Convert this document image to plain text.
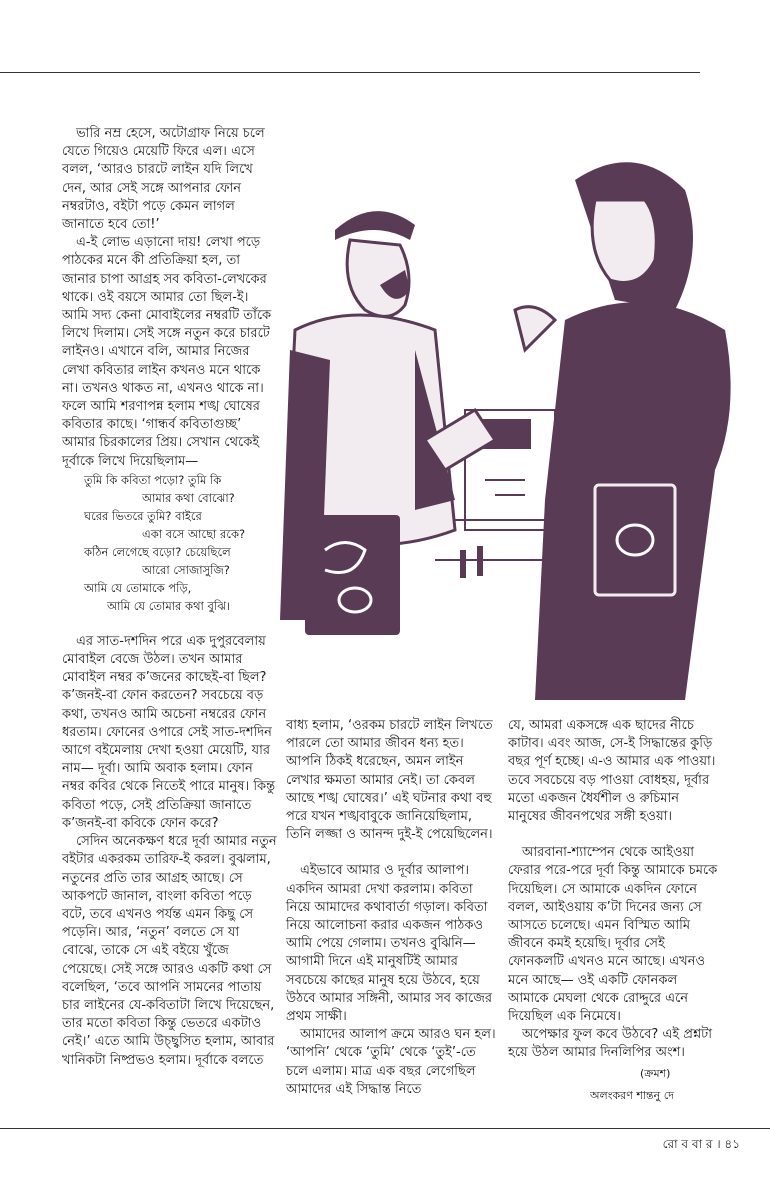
ভারি নম্র হেসে, অটোগ্রাফ নিয়ে চলে যেতে গিয়েও মেয়েটি ফিরে এল। এসে বলল, ‘আরও চারটে লাইন যদি লিখে দেন, আর সেই সঙ্গে আপনার ফোন নম্বরটাও, বইটা পড়ে কেমন লাগল জানাতে হবে তো!’

এ-ই লোভ এড়ানো দায়! লেখা পড়ে পাঠকের মনে কী প্রতিক্রিয়া হল, তা জানার চাপা আগ্রহ সব কবিতা-লেখকের থাকে। ওই বয়সে আমার তো ছিল-ই। আমি সদ্য কেনা মোবাইলের নম্বরটি তাঁকে লিখে দিলাম। সেই সঙ্গে নতুন করে চারটে লাইনও। এখানে বলি, আমার নিজের লেখা কবিতার লাইন কখনও মনে থাকে না। তখনও থাকত না, এখনও থাকে না। ফলে আমি শরণাপন্ন হলাম শঙ্খ ঘোষের কবিতার কাছে। ‘গান্ধর্ব কবিতাগুচ্ছ’ আমার চিরকালের প্রিয়। সেখান থেকেই দূর্বাকে লিখে দিয়েছিলাম—

তুমি কি কবিতা পড়ো? তুমি কি
আমার কথা বোঝো?
ঘরের ভিতরে তুমি? বাইরে
একা বসে আছো রকে?
কঠিন লেগেছে বড়ো? চেয়েছিলে
আরো সোজাসুজি?
আমি যে তোমাকে পড়ি,
আমি যে তোমার কথা বুঝি।

এর সাত-দশদিন পরে এক দুপুরবেলায় মোবাইল বেজে উঠল। তখন আমার মোবাইল নম্বর ক’জনের কাছেই-বা ছিল? ক’জনই-বা ফোন করতেন? সবচেয়ে বড় কথা, তখনও আমি অচেনা নম্বরের ফোন ধরতাম। ফোনের ওপারে সেই সাত-দশদিন আগে বইমেলায় দেখা হওয়া মেয়েটি, যার নাম— দূর্বা। আমি অবাক হলাম। ফোন নম্বর কবির থেকে নিতেই পারে মানুষ। কিন্তু কবিতা পড়ে, সেই প্রতিক্রিয়া জানাতে ক’জনই-বা কবিকে ফোন করে?

সেদিন অনেকক্ষণ ধরে দূর্বা আমার নতুন বইটার একরকম তারিফ-ই করল। বুঝলাম, নতুনের প্রতি তার আগ্রহ আছে। সে আকপটে জানাল, বাংলা কবিতা পড়ে বটে, তবে এখনও পর্যন্ত এমন কিছু সে পড়েনি। আর, ‘নতুন’ বলতে সে যা বোঝে, তাকে সে এই বইয়ে খুঁজে পেয়েছে। সেই সঙ্গে আরও একটি কথা সে বলেছিল, ‘তবে আপনি সামনের পাতায় চার লাইনের যে-কবিতাটা লিখে দিয়েছেন, তার মতো কবিতা কিন্তু ভেতরে একটাও নেই।’ এতে আমি উচ্ছ্বসিত হলাম, আবার খানিকটা নিষ্প্রভও হলাম। দূর্বাকে বলতে

বাধ্য হলাম, ‘ওরকম চারটে লাইন লিখতে পারলে তো আমার জীবন ধন্য হত। আপনি ঠিকই ধরেছেন, অমন লাইন লেখার ক্ষমতা আমার নেই। তা কেবল আছে শঙ্খ ঘোষের।’ এই ঘটনার কথা বহু পরে যখন শঙ্খবাবুকে জানিয়েছিলাম, তিনি লজ্জা ও আনন্দ দুই-ই পেয়েছিলেন।

এইভাবে আমার ও দূর্বার আলাপ। একদিন আমরা দেখা করলাম। কবিতা নিয়ে আমাদের কথাবার্তা গড়াল। কবিতা নিয়ে আলোচনা করার একজন পাঠকও আমি পেয়ে গেলাম। তখনও বুঝিনি— আগামী দিনে এই মানুষটিই আমার সবচেয়ে কাছের মানুষ হয়ে উঠবে, হয়ে উঠবে আমার সঙ্গিনী, আমার সব কাজের প্রথম সাক্ষী।

আমাদের আলাপ ক্রমে আরও ঘন হল। ‘আপনি’ থেকে ‘তুমি’ থেকে ‘তুই’-তে চলে এলাম। মাত্র এক বছর লেগেছিল আমাদের এই সিদ্ধান্ত নিতে

যে, আমরা একসঙ্গে এক ছাদের নীচে কাটাব। এবং আজ, সে-ই সিদ্ধান্তের কুড়ি বছর পূর্ণ হচ্ছে। এ-ও আমার এক পাওয়া। তবে সবচেয়ে বড় পাওয়া বোধহয়, দূর্বার মতো একজন ধৈর্যশীল ও রুচিমান মানুষের জীবনপথের সঙ্গী হওয়া।

আরবানা-শ্যাম্পেন থেকে আইওয়া ফেরার পরে-পরে দূর্বা কিন্তু আমাকে চমকে দিয়েছিল। সে আমাকে একদিন ফোনে বলল, আইওয়ায় ক’টা দিনের জন্য সে আসতে চলেছে। এমন বিস্মিত আমি জীবনে কমই হয়েছি। দূর্বার সেই ফোনকলটি এখনও মনে আছে। এখনও মনে আছে— ওই একটি ফোনকল আমাকে মেঘলা থেকে রোদ্দুরে এনে দিয়েছিল এক নিমেষে।

অপেক্ষার ফুল কবে উঠবে? এই প্রশ্নটা হয়ে উঠল আমার দিনলিপির অংশ।

(ক্রমশ)
অলংকরণ শান্তনু দে
রো ব বা র । ৪১
